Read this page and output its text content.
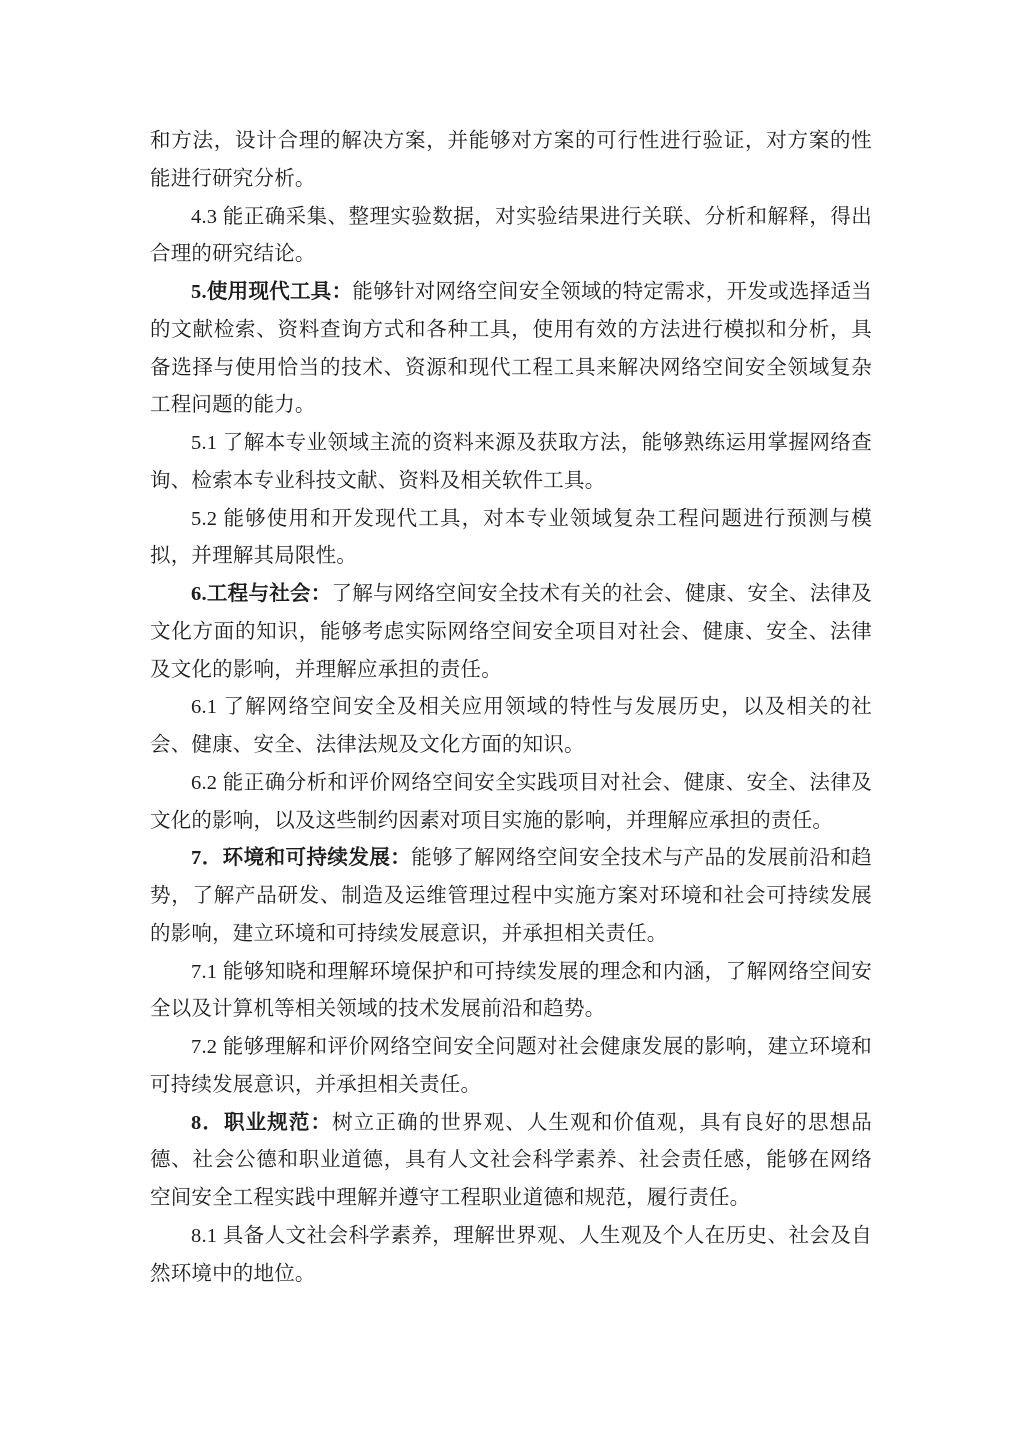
和方法，设计合理的解决方案，并能够对方案的可行性进行验证，对方案的性能进行研究分析。

4.3 能正确采集、整理实验数据，对实验结果进行关联、分析和解释，得出合理的研究结论。

5.使用现代工具：能够针对网络空间安全领域的特定需求，开发或选择适当的文献检索、资料查询方式和各种工具，使用有效的方法进行模拟和分析，具备选择与使用恰当的技术、资源和现代工程工具来解决网络空间安全领域复杂工程问题的能力。

5.1 了解本专业领域主流的资料来源及获取方法，能够熟练运用掌握网络查询、检索本专业科技文献、资料及相关软件工具。

5.2 能够使用和开发现代工具，对本专业领域复杂工程问题进行预测与模拟，并理解其局限性。

6.工程与社会：了解与网络空间安全技术有关的社会、健康、安全、法律及文化方面的知识，能够考虑实际网络空间安全项目对社会、健康、安全、法律及文化的影响，并理解应承担的责任。

6.1 了解网络空间安全及相关应用领域的特性与发展历史，以及相关的社会、健康、安全、法律法规及文化方面的知识。

6.2 能正确分析和评价网络空间安全实践项目对社会、健康、安全、法律及文化的影响，以及这些制约因素对项目实施的影响，并理解应承担的责任。

7．环境和可持续发展：能够了解网络空间安全技术与产品的发展前沿和趋势，了解产品研发、制造及运维管理过程中实施方案对环境和社会可持续发展的影响，建立环境和可持续发展意识，并承担相关责任。

7.1 能够知晓和理解环境保护和可持续发展的理念和内涵，了解网络空间安全以及计算机等相关领域的技术发展前沿和趋势。

7.2 能够理解和评价网络空间安全问题对社会健康发展的影响，建立环境和可持续发展意识，并承担相关责任。

8．职业规范：树立正确的世界观、人生观和价值观，具有良好的思想品德、社会公德和职业道德，具有人文社会科学素养、社会责任感，能够在网络空间安全工程实践中理解并遵守工程职业道德和规范，履行责任。

8.1 具备人文社会科学素养，理解世界观、人生观及个人在历史、社会及自然环境中的地位。
